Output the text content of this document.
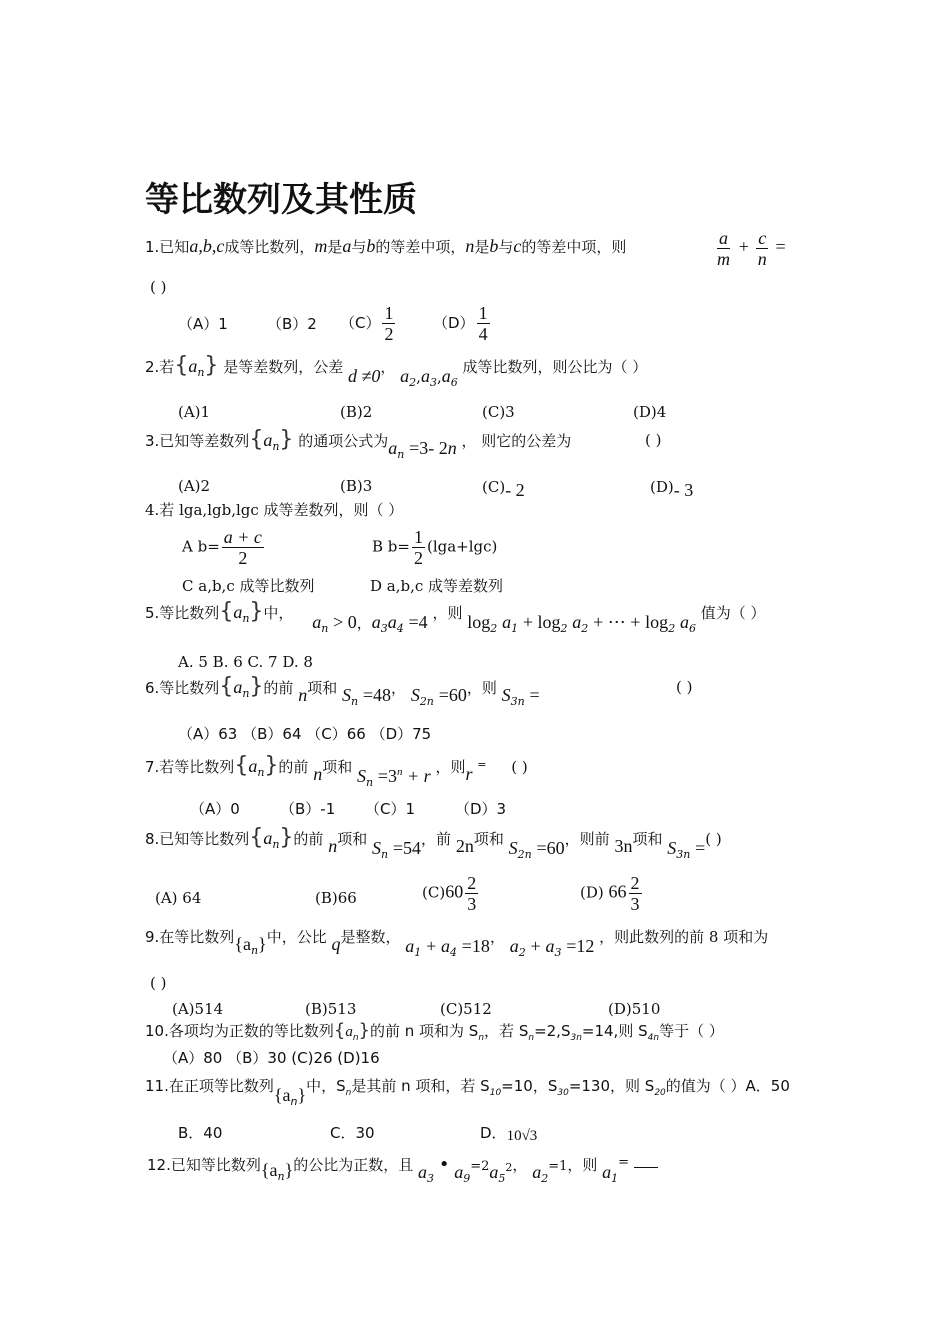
等比数列及其性质
1.已知a,b,c成等比数列，m是a与b的等差中项，n是b与c的等差中项，则	$\frac{a}{m} + \frac{c}{n}$ =
( )
（A）1	（B）2 $(C) \frac{1}{2}$	$(D) \frac{1}{4}$
2.若$\{a_n\}$ 是等差数列，公差 d ≠0， $a_2,a_3,a_6$ 成等比数列，则公比为（ ）
(A)1	(B)2	(C)3	(D)4
3.已知等差数列$\{a_n\}$ 的通项公式为$a_n =3-$ 2n ， 则它的公差为	( )
(A)2	(B)3	(C)- 2	(D)- 3
4.若 lga,lgb,lgc 成等差数列，则（ ）
A $b= \frac{a + c}{2}$	B $b= \frac{1}{2} (\lg a+\lg c)$
C a,b,c 成等比数列	D a,b,c 成等差数列
5.等比数列$\{a_n\}$中， $a_n > 0$，$a_3a_4 =4$ ，则 $\log_2 a_1 + \log_2 a_2$ + ⋯ + $\log_2 a_6$ 值为（ ）
A. 5 B. 6 C. 7 D. 8
6.等比数列$\{a_n\}$的前 n项和 $S_n =48$， $S_{2n} =60$，则 $S_{3n}$ =	( )
（A）63 （B）64 （C）66 （D）75
7.若等比数列$\{a_n\}$的前 n项和 $S_n =3^n + r$ ，则r = ( )
（A）0	（B）-1 （C）1	（D）3
8.已知等比数列$\{a_n\}$的前 n项和 $S_n =54$，前 2n项和 $S_{2n} =60$，则前 3n项和 $S_{3n}$ =( )
(A) 64	(B)66	$(C)60 \frac{2}{3}$	(D) $66 \frac{2}{3}$
9.在等比数列$\{a_n\}$中，公比 q是整数， $a_1 + a_4 =18$， $a_2 + a_3 =12$ ，则此数列的前 8 项和为
( )
(A)514	(B)513	(C)512	(D)510
10.各项均为正数的等比数列$\{a_n\}$的前 n 项和为 $S_n$，若 $S_n=2,S_{3n}=14$,则 $S_{4n}$等于（ ）
（A）80 （B）30 (C)26 (D)16
11.在正项等比数列$\{a_n\}$中，$S_n$是其前 n 项和，若 $S_{10}=10$，$S_{30}=130$，则 $S_{20}$的值为（ ）A．50
B．40	C．30	D．10√3
12.已知等比数列$\{a_n\}$的公比为正数，且 $a_3$ • $a_9=2a_5^2$， $a_2=1$，则 $a_1=$
